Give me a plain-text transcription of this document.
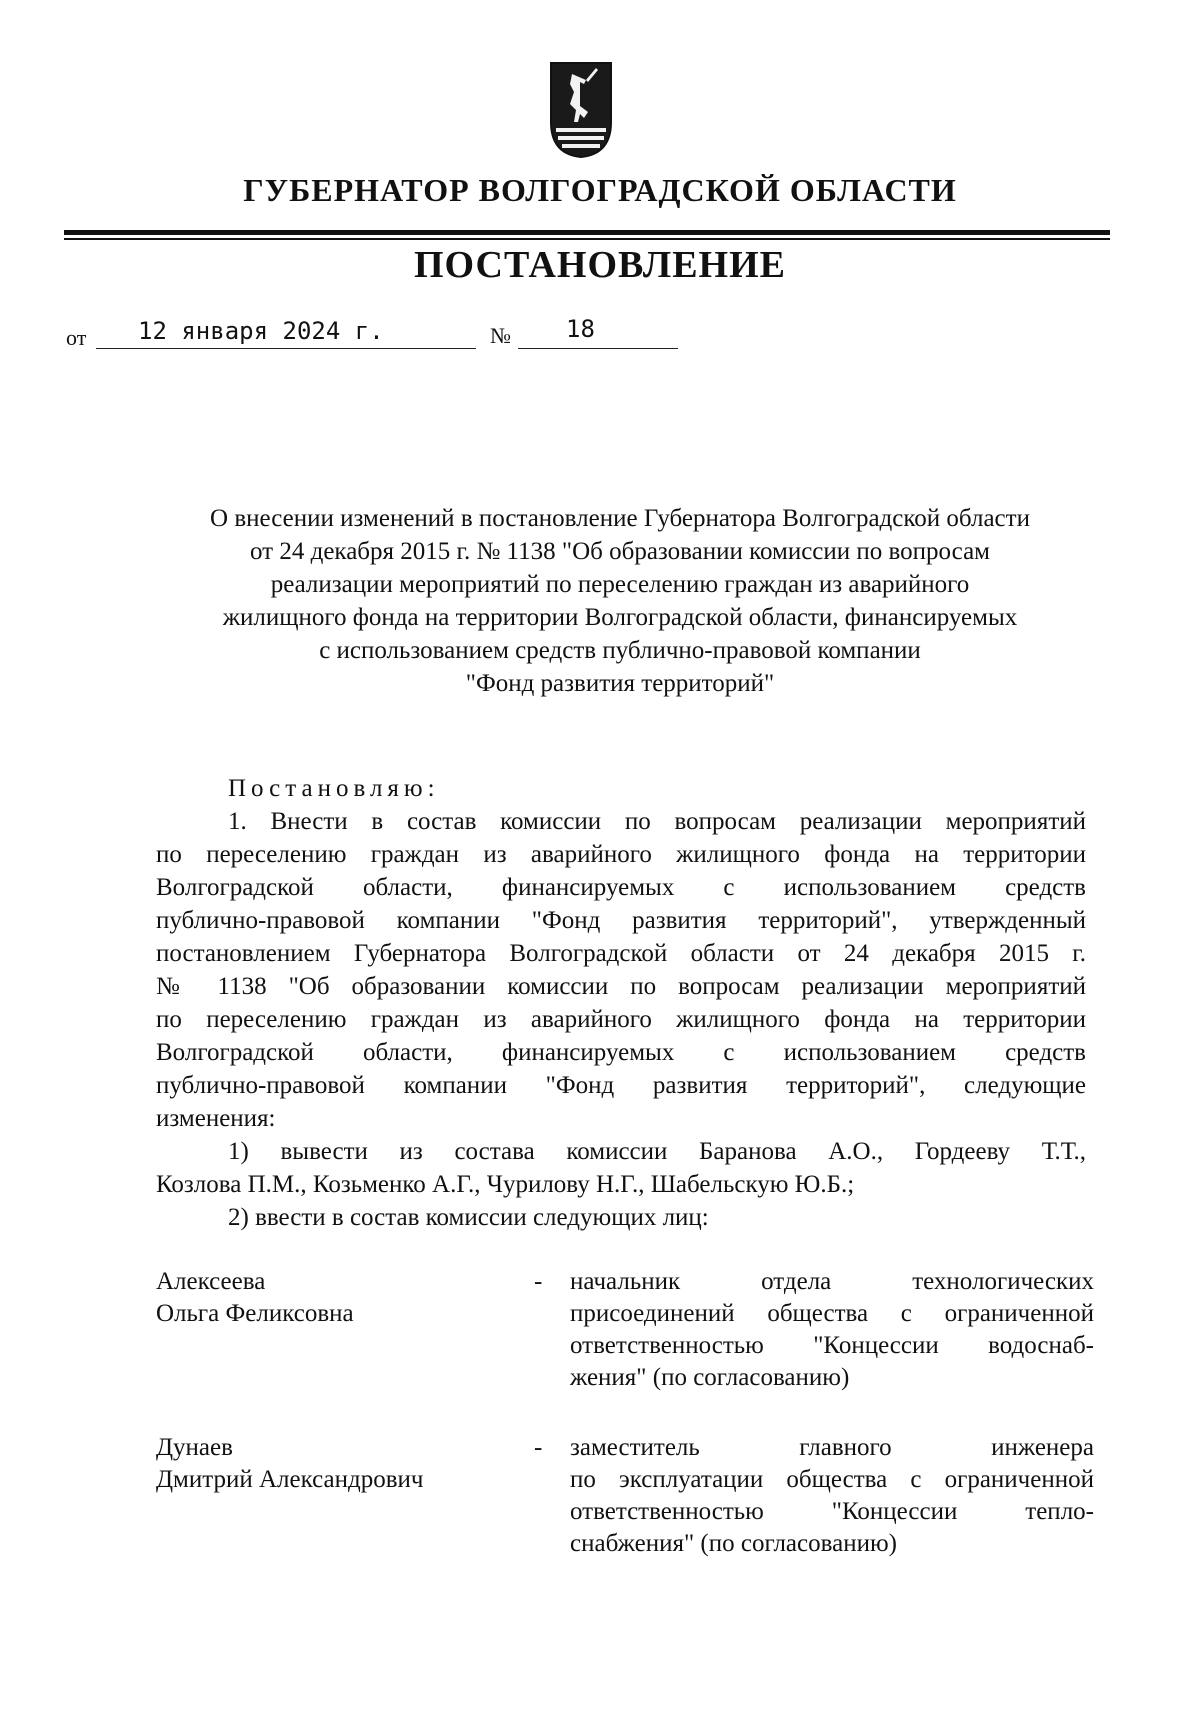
ГУБЕРНАТОР ВОЛГОГРАДСКОЙ ОБЛАСТИ
ПОСТАНОВЛЕНИЕ
от 12 января 2024 г.	№ 18
О внесении изменений в постановление Губернатора Волгоградской области
от 24 декабря 2015 г. № 1138 "Об образовании комиссии по вопросам
реализации мероприятий по переселению граждан из аварийного
жилищного фонда на территории Волгоградской области, финансируемых
с использованием средств публично-правовой компании
"Фонд развития территорий"
Постановляю:
1. Внести в состав комиссии по вопросам реализации мероприятий
по переселению граждан из аварийного жилищного фонда на территории
Волгоградской области, финансируемых с использованием средств
публично-правовой компании "Фонд развития территорий", утвержденный
постановлением Губернатора Волгоградской области от 24 декабря 2015 г.
№ 1138 "Об образовании комиссии по вопросам реализации мероприятий
по переселению граждан из аварийного жилищного фонда на территории
Волгоградской области, финансируемых с использованием средств
публично-правовой компании "Фонд развития территорий", следующие
изменения:
1) вывести из состава комиссии Баранова А.О., Гордееву Т.Т.,
Козлова П.М., Козьменко А.Г., Чурилову Н.Г., Шабельскую Ю.Б.;
2) ввести в состав комиссии следующих лиц:
Алексеева
Ольга Феликсовна
- начальник отдела технологических
присоединений общества с ограниченной
ответственностью "Концессии водоснаб-
жения" (по согласованию)
Дунаев
Дмитрий Александрович
- заместитель главного инженера
по эксплуатации общества с ограниченной
ответственностью "Концессии тепло-
снабжения" (по согласованию)
